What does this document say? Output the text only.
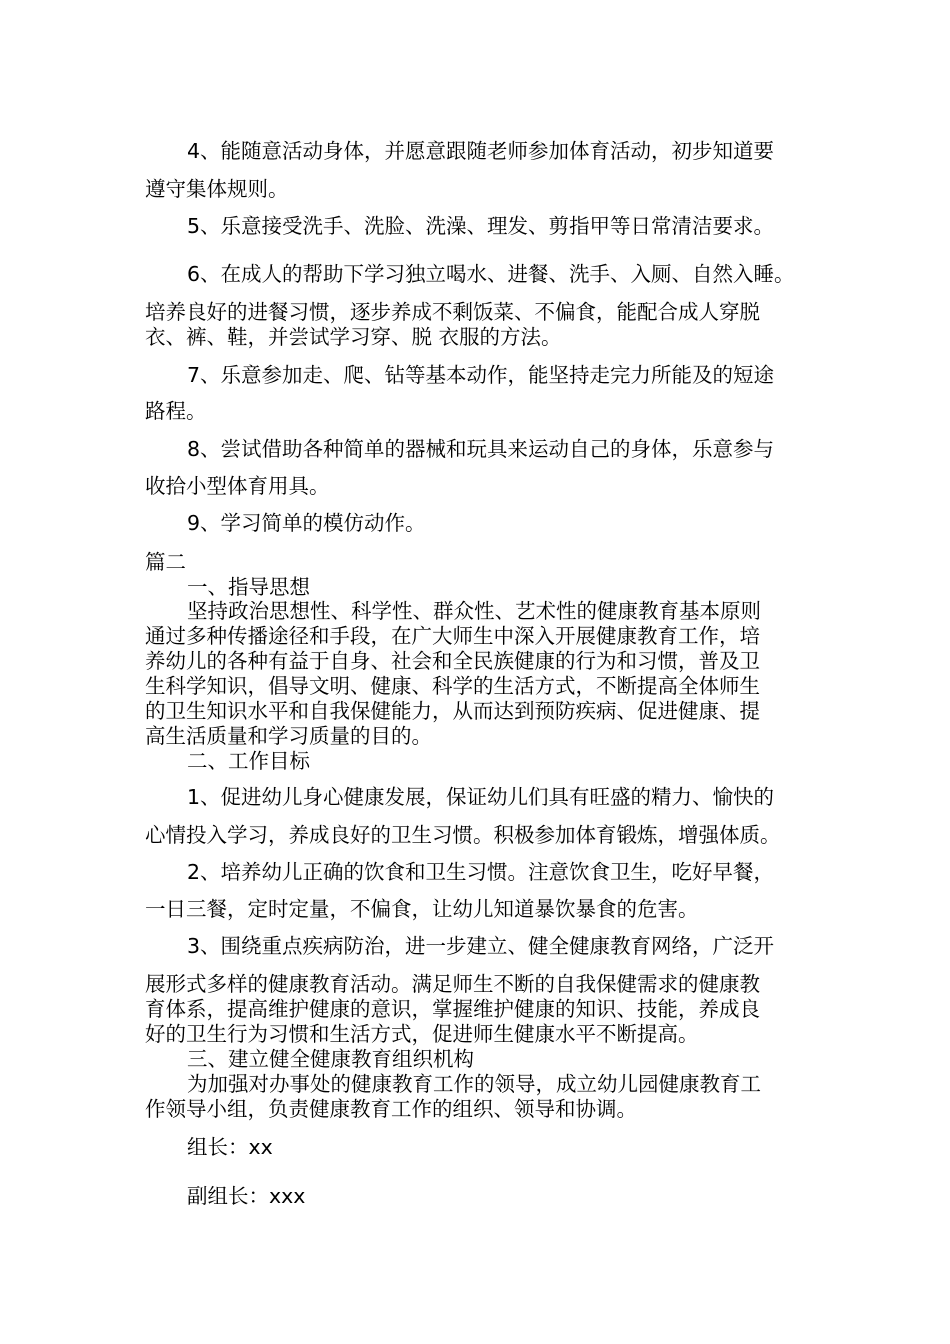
4、能随意活动身体，并愿意跟随老师参加体育活动，初步知道要

遵守集体规则。

5、乐意接受洗手、洗脸、洗澡、理发、剪指甲等日常清洁要求。

6、在成人的帮助下学习独立喝水、进餐、洗手、入厕、自然入睡。

培养良好的进餐习惯，逐步养成不剩饭菜、不偏食，能配合成人穿脱

衣、裤、鞋，并尝试学习穿、脱 衣服的方法。

7、乐意参加走、爬、钻等基本动作，能坚持走完力所能及的短途

路程。

8、尝试借助各种简单的器械和玩具来运动自己的身体，乐意参与

收拾小型体育用具。

9、学习简单的模仿动作。

篇二

一、指导思想

坚持政治思想性、科学性、群众性、艺术性的健康教育基本原则

通过多种传播途径和手段，在广大师生中深入开展健康教育工作，培

养幼儿的各种有益于自身、社会和全民族健康的行为和习惯，普及卫

生科学知识，倡导文明、健康、科学的生活方式，不断提高全体师生

的卫生知识水平和自我保健能力，从而达到预防疾病、促进健康、提

高生活质量和学习质量的目的。

二、工作目标

1、促进幼儿身心健康发展，保证幼儿们具有旺盛的精力、愉快的

心情投入学习，养成良好的卫生习惯。积极参加体育锻炼，增强体质。

2、培养幼儿正确的饮食和卫生习惯。注意饮食卫生，吃好早餐，

一日三餐，定时定量，不偏食，让幼儿知道暴饮暴食的危害。

3、围绕重点疾病防治，进一步建立、健全健康教育网络，广泛开

展形式多样的健康教育活动。满足师生不断的自我保健需求的健康教

育体系，提高维护健康的意识，掌握维护健康的知识、技能，养成良

好的卫生行为习惯和生活方式，促进师生健康水平不断提高。

三、建立健全健康教育组织机构

为加强对办事处的健康教育工作的领导，成立幼儿园健康教育工

作领导小组，负责健康教育工作的组织、领导和协调。

组长：xx

副组长：xxx
